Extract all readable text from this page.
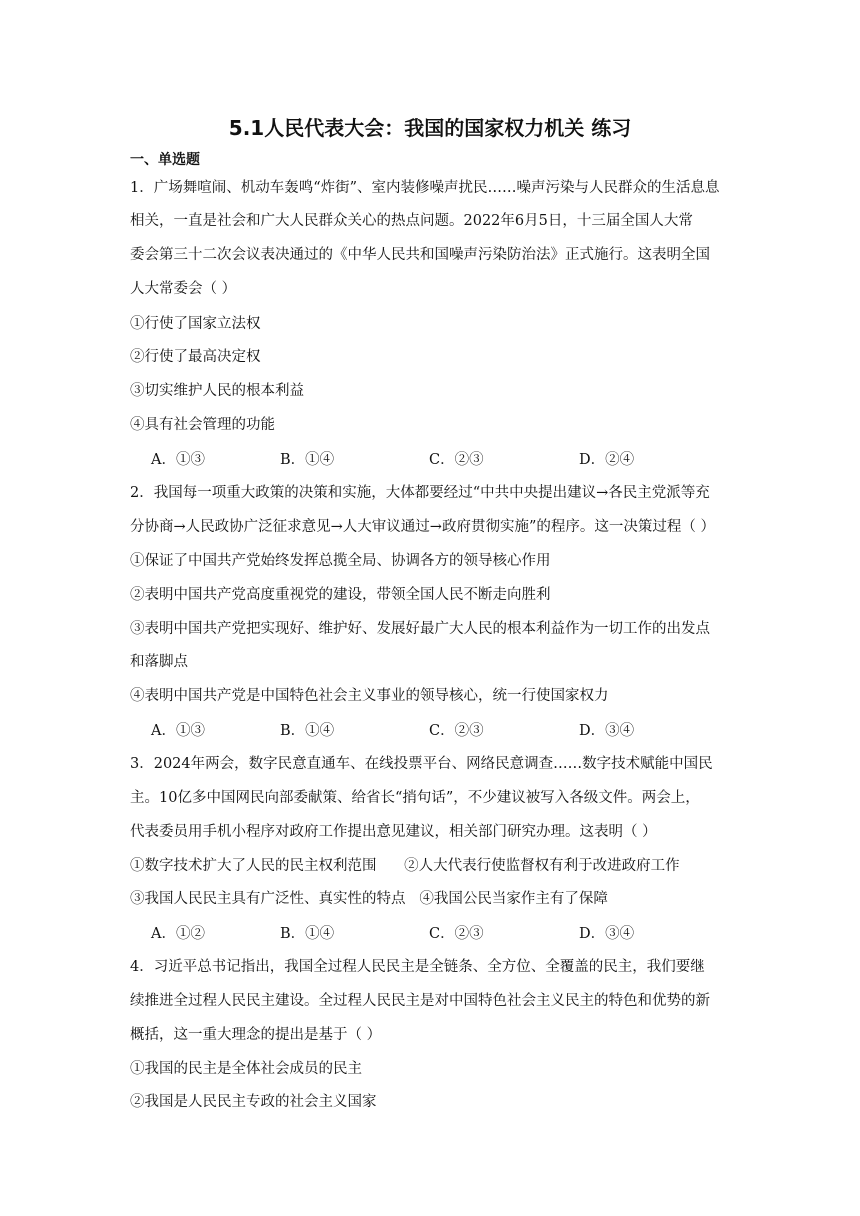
5.1人民代表大会：我国的国家权力机关 练习
一、单选题
1．广场舞喧闹、机动车轰鸣“炸街”、室内装修噪声扰民……噪声污染与人民群众的生活息息
相关，一直是社会和广大人民群众关心的热点问题。2022年6月5日，十三届全国人大常
委会第三十二次会议表决通过的《中华人民共和国噪声污染防治法》正式施行。这表明全国
人大常委会（ ）
①行使了国家立法权
②行使了最高决定权
③切实维护人民的根本利益
④具有社会管理的功能
A．①③	B．①④	C．②③	D．②④
2．我国每一项重大政策的决策和实施，大体都要经过“中共中央提出建议→各民主党派等充
分协商→人民政协广泛征求意见→人大审议通过→政府贯彻实施”的程序。这一决策过程（ ）
①保证了中国共产党始终发挥总揽全局、协调各方的领导核心作用
②表明中国共产党高度重视党的建设，带领全国人民不断走向胜利
③表明中国共产党把实现好、维护好、发展好最广大人民的根本利益作为一切工作的出发点
和落脚点
④表明中国共产党是中国特色社会主义事业的领导核心，统一行使国家权力
A．①③	B．①④	C．②③	D．③④
3．2024年两会，数字民意直通车、在线投票平台、网络民意调查……数字技术赋能中国民
主。10亿多中国网民向部委献策、给省长“捎句话”，不少建议被写入各级文件。两会上，
代表委员用手机小程序对政府工作提出意见建议，相关部门研究办理。这表明（ ）
①数字技术扩大了人民的民主权利范围      ②人大代表行使监督权有利于改进政府工作
③我国人民民主具有广泛性、真实性的特点   ④我国公民当家作主有了保障
A．①②	B．①④	C．②③	D．③④
4．习近平总书记指出，我国全过程人民民主是全链条、全方位、全覆盖的民主，我们要继
续推进全过程人民民主建设。全过程人民民主是对中国特色社会主义民主的特色和优势的新
概括，这一重大理念的提出是基于（ ）
①我国的民主是全体社会成员的民主
②我国是人民民主专政的社会主义国家
